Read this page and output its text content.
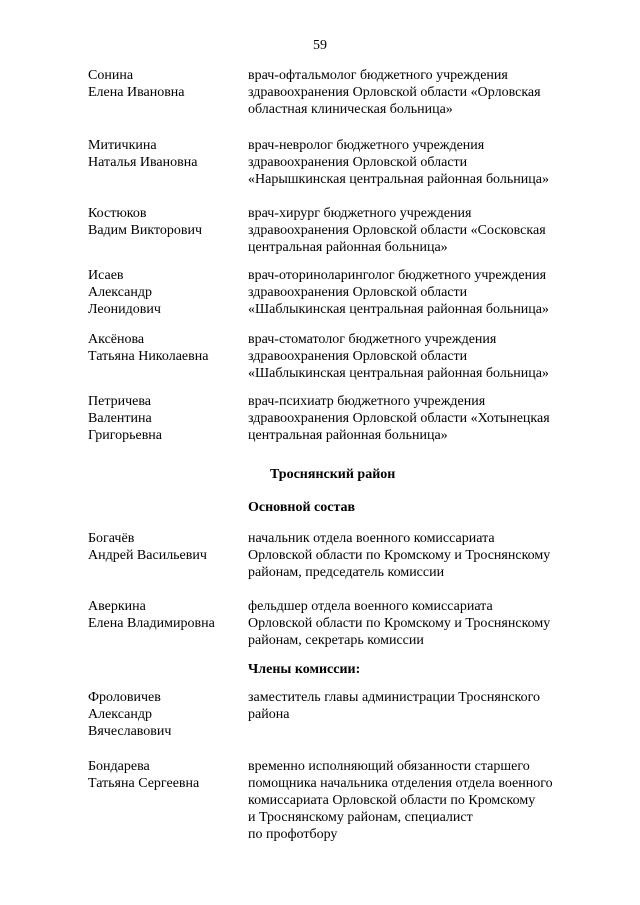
59
Сонина
Елена Ивановна
врач-офтальмолог бюджетного учреждения
здравоохранения Орловской области «Орловская
областная клиническая больница»
Митичкина
Наталья Ивановна
врач-невролог бюджетного учреждения
здравоохранения Орловской области
«Нарышкинская центральная районная больница»
Костюков
Вадим Викторович
врач-хирург бюджетного учреждения
здравоохранения Орловской области «Сосковская
центральная районная больница»
Исаев
Александр
Леонидович
врач-оториноларинголог бюджетного учреждения
здравоохранения Орловской области
«Шаблыкинская центральная районная больница»
Аксёнова
Татьяна Николаевна
врач-стоматолог бюджетного учреждения
здравоохранения Орловской области
«Шаблыкинская центральная районная больница»
Петричева
Валентина
Григорьевна
врач-психиатр бюджетного учреждения
здравоохранения Орловской области «Хотынецкая
центральная районная больница»
Троснянский район
Основной состав
Богачёв
Андрей Васильевич
начальник отдела военного комиссариата
Орловской области по Кромскому и Троснянскому
районам, председатель комиссии
Аверкина
Елена Владимировна
фельдшер отдела военного комиссариата
Орловской области по Кромскому и Троснянскому
районам, секретарь комиссии
Члены комиссии:
Фроловичев
Александр
Вячеславович
заместитель главы администрации Троснянского
района
Бондарева
Татьяна Сергеевна
временно исполняющий обязанности старшего
помощника начальника отделения отдела военного
комиссариата Орловской области по Кромскому
и Троснянскому районам, специалист
по профотбору
